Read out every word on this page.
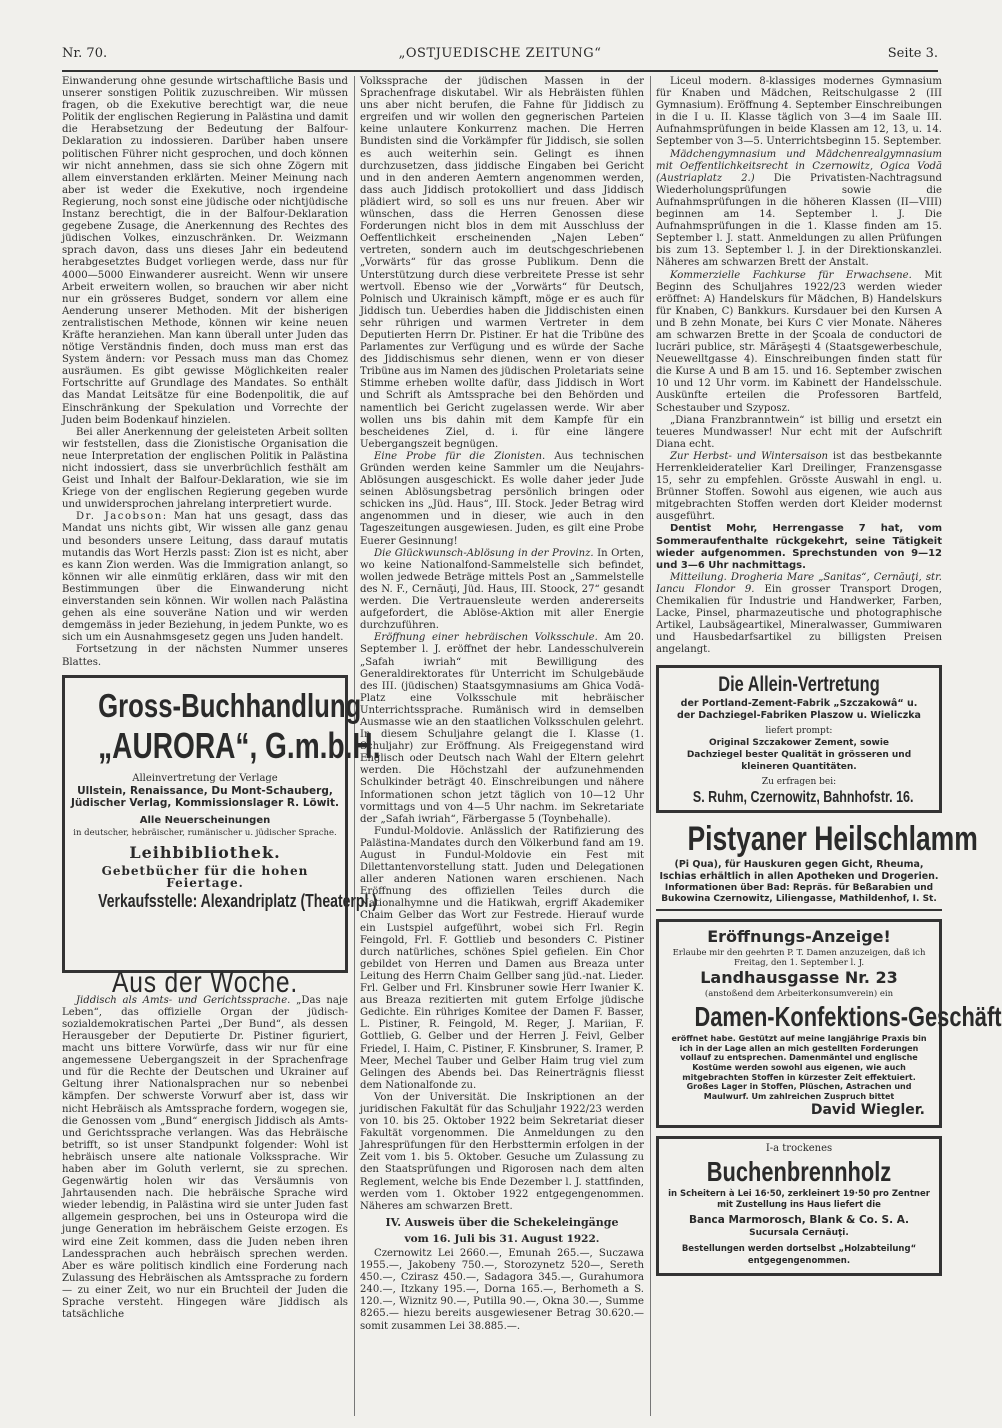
Nr. 70.	„OSTJUEDISCHE ZEITUNG“	Seite 3.

Einwanderung ohne gesunde wirtschaftliche Basis und unserer sonstigen Politik zuzuschreiben. Wir müssen fragen, ob die Exekutive berechtigt war, die neue Politik der englischen Regierung in Palästina und damit die Herabsetzung der Bedeutung der Balfour-Deklaration zu indossieren. Darüber haben unsere politischen Führer nicht gesprochen, und doch können wir nicht annehmen, dass sie sich ohne Zögern mit allem einverstanden erklärten. Meiner Meinung nach aber ist weder die Exekutive, noch irgendeine Regierung, noch sonst eine jüdische oder nichtjüdische Instanz berechtigt, die in der Balfour-Deklaration gegebene Zusage, die Anerkennung des Rechtes des jüdischen Volkes, einzuschränken. Dr. Weizmann sprach davon, dass uns dieses Jahr ein bedeutend herabgesetztes Budget vorliegen werde, dass nur für 4000—5000 Einwanderer ausreicht. Wenn wir unsere Arbeit erweitern wollen, so brauchen wir aber nicht nur ein grösseres Budget, sondern vor allem eine Aenderung unserer Methoden. Mit der bisherigen zentralistischen Methode, können wir keine neuen Kräfte heranziehen. Man kann überall unter Juden das nötige Verständnis finden, doch muss man erst das System ändern: vor Pessach muss man das Chomez ausräumen. Es gibt gewisse Möglichkeiten realer Fortschritte auf Grundlage des Mandates. So enthält das Mandat Leitsätze für eine Bodenpolitik, die auf Einschränkung der Spekulation und Vorrechte der Juden beim Bodenkauf hinzielen.

Bei aller Anerkennung der geleisteten Arbeit sollten wir feststellen, dass die Zionistische Organisation die neue Interpretation der englischen Politik in Palästina nicht indossiert, dass sie unverbrüchlich festhält am Geist und Inhalt der Balfour-Deklaration, wie sie im Kriege von der englischen Regierung gegeben wurde und unwidersprochen jahrelang interpretiert wurde.

Dr. Jacobson: Man hat uns gesagt, dass das Mandat uns nichts gibt, Wir wissen alle ganz genau und besonders unsere Leitung, dass darauf mutatis mutandis das Wort Herzls passt: Zion ist es nicht, aber es kann Zion werden. Was die Immigration anlangt, so können wir alle einmütig erklären, dass wir mit den Bestimmungen über die Einwanderung nicht einverstanden sein können. Wir wollen nach Palästina gehen als eine souveräne Nation und wir werden demgemäss in jeder Beziehung, in jedem Punkte, wo es sich um ein Ausnahmsgesetz gegen uns Juden handelt.

Fortsetzung in der nächsten Nummer unseres Blattes.

Gross-Buchhandlung
„AURORA“, G.m.b.H.
Alleinvertretung der Verlage
Ullstein, Renaissance, Du Mont-Schauberg,
Jüdischer Verlag, Kommissionslager R. Löwit.
Alle Neuerscheinungen
in deutscher, hebräischer, rumänischer u. jüdischer Sprache.
Leihbibliothek.
Gebetbücher für die hohen Feiertage.
Verkaufsstelle: Alexandriplatz (Theaterpl.)
Aus der Woche.

Jiddisch als Amts- und Gerichtssprache. „Das naje Leben“, das offizielle Organ der jüdisch-sozialdemokratischen Partei „Der Bund“, als dessen Herausgeber der Deputierte Dr. Pistiner figuriert, macht uns bittere Vorwürfe, dass wir nur für eine angemessene Uebergangszeit in der Sprachenfrage und für die Rechte der Deutschen und Ukrainer auf Geltung ihrer Nationalsprachen nur so nebenbei kämpfen. Der schwerste Vorwurf aber ist, dass wir nicht Hebräisch als Amtssprache fordern, wogegen sie, die Genossen vom „Bund“ energisch Jiddisch als Amts- und Gerichtssprache verlangen. Was das Hebräische betrifft, so ist unser Standpunkt folgender: Wohl ist hebräisch unsere alte nationale Volkssprache. Wir haben aber im Goluth verlernt, sie zu sprechen. Gegenwärtig holen wir das Versäumnis von Jahrtausenden nach. Die hebräische Sprache wird wieder lebendig, in Palästina wird sie unter Juden fast allgemein gesprochen, bei uns in Osteuropa wird die junge Generation im hebräischem Geiste erzogen. Es wird eine Zeit kommen, dass die Juden neben ihren Landessprachen auch hebräisch sprechen werden. Aber es wäre politisch kindlich eine Forderung nach Zulassung des Hebräischen als Amtssprache zu fordern — zu einer Zeit, wo nur ein Bruchteil der Juden die Sprache versteht. Hingegen wäre Jiddisch als tatsächliche

Volkssprache der jüdischen Massen in der Sprachenfrage diskutabel. Wir als Hebräisten fühlen uns aber nicht berufen, die Fahne für Jiddisch zu ergreifen und wir wollen den gegnerischen Parteien keine unlautere Konkurrenz machen. Die Herren Bundisten sind die Vorkämpfer für Jiddisch, sie sollen es auch weiterhin sein. Gelingt es ihnen durchzusetzen, dass jiddische Eingaben bei Gericht und in den anderen Aemtern angenommen werden, dass auch Jiddisch protokolliert und dass Jiddisch plädiert wird, so soll es uns nur freuen. Aber wir wünschen, dass die Herren Genossen diese Forderungen nicht blos in dem mit Ausschluss der Oeffentlichkeit erscheinenden „Najen Leben“ vertreten, sondern auch im deutschgeschriebenen „Vorwärts“ für das grosse Publikum. Denn die Unterstützung durch diese verbreitete Presse ist sehr wertvoll. Ebenso wie der „Vorwärts“ für Deutsch, Polnisch und Ukrainisch kämpft, möge er es auch für Jiddisch tun. Ueberdies haben die Jiddischisten einen sehr rührigen und warmen Vertreter in dem Deputierten Herrn Dr. Pistiner. Er hat die Tribüne des Parlamentes zur Verfügung und es würde der Sache des Jiddischismus sehr dienen, wenn er von dieser Tribüne aus im Namen des jüdischen Proletariats seine Stimme erheben wollte dafür, dass Jiddisch in Wort und Schrift als Amtssprache bei den Behörden und namentlich bei Gericht zugelassen werde. Wir aber wollen uns bis dahin mit dem Kampfe für ein bescheidenes Ziel, d. i. für eine längere Uebergangszeit begnügen.

Eine Probe für die Zionisten. Aus technischen Gründen werden keine Sammler um die Neujahrs-Ablösungen ausgeschickt. Es wolle daher jeder Jude seinen Ablösungsbetrag persönlich bringen oder schicken ins „Jüd. Haus“, III. Stock. Jeder Betrag wird angenommen und in dieser, wie auch in den Tageszeitungen ausgewiesen. Juden, es gilt eine Probe Euerer Gesinnung!

Die Glückwunsch-Ablösung in der Provinz. In Orten, wo keine Nationalfond-Sammelstelle sich befindet, wollen jedwede Beträge mittels Post an „Sammelstelle des N. F., Cernăuţi, Jüd. Haus, III. Stoock, 27“ gesandt werden. Die Vertrauensleute werden andererseits aufgefordert, die Ablöse-Aktion mit aller Energie durchzuführen.

Eröffnung einer hebräischen Volksschule. Am 20. September l. J. eröffnet der hebr. Landesschulverein „Safah iwriah“ mit Bewilligung des Generaldirektorates für Unterricht im Schulgebäude des III. (jüdischen) Staatsgymnasiums am Ghica Vodă-Platz eine Volksschule mit hebräischer Unterrichtssprache. Rumänisch wird in demselben Ausmasse wie an den staatlichen Volksschulen gelehrt. In diesem Schuljahre gelangt die I. Klasse (1. Schuljahr) zur Eröffnung. Als Freigegenstand wird Englisch oder Deutsch nach Wahl der Eltern gelehrt werden. Die Höchstzahl der aufzunehmenden Schulkinder beträgt 40. Einschreibungen und nähere Informationen schon jetzt täglich von 10—12 Uhr vormittags und von 4—5 Uhr nachm. im Sekretariate der „Safah iwriah“, Färbergasse 5 (Toynbehalle).

Fundul-Moldovie. Anlässlich der Ratifizierung des Palästina-Mandates durch den Völkerbund fand am 19. August in Fundul-Moldovie ein Fest mit Dilettantenvorstellung statt. Juden und Delegationen aller anderen Nationen waren erschienen. Nach Eröffnung des offiziellen Teiles durch die Nationalhymne und die Hatikwah, ergriff Akademiker Chaim Gelber das Wort zur Festrede. Hierauf wurde ein Lustspiel aufgeführt, wobei sich Frl. Regin Feingold, Frl. F. Gottlieb und besonders C. Pistiner durch natürliches, schönes Spiel gefielen. Ein Chor gebildet von Herren und Damen aus Breaza unter Leitung des Herrn Chaim Gellber sang jüd.-nat. Lieder. Frl. Gelber und Frl. Kinsbruner sowie Herr Iwanier K. aus Breaza rezitierten mit gutem Erfolge jüdische Gedichte. Ein rühriges Komitee der Damen F. Basser, L. Pistiner, R. Feingold, M. Reger, J. Mariian, F. Gottlieb, G. Gelber und der Herren J. Feivl, Gelber Friedel, I. Haim, C. Pistiner, F. Kinsbruner, S. Iramer, P. Meer, Mechel Tauber und Gelber Haim trug viel zum Gelingen des Abends bei. Das Reinerträgnis fliesst dem Nationalfonde zu.

Von der Universität. Die Inskriptionen an der juridischen Fakultät für das Schuljahr 1922/23 werden von 10. bis 25. Oktober 1922 beim Sekretariat dieser Fakultät vorgenommen. Die Anmeldungen zu den Jahresprüfungen für den Herbsttermin erfolgen in der Zeit vom 1. bis 5. Oktober. Gesuche um Zulassung zu den Staatsprüfungen und Rigorosen nach dem alten Reglement, welche bis Ende Dezember l. J. stattfinden, werden vom 1. Oktober 1922 entgegengenommen. Näheres am schwarzen Brett.

IV. Ausweis über die Schekeleingänge
vom 16. Juli bis 31. August 1922.

Czernowitz Lei 2660.—, Emunah 265.—, Suczawa 1955.—, Jakobeny 750.—, Storozynetz 520—, Sereth 450.—, Czirasz 450.—, Sadagora 345.—, Gurahumora 240.—, Itzkany 195.—, Dorna 165.—, Berhometh a S. 120.—, Wiznitz 90.—, Putilla 90.—, Okna 30.—, Summe 8265.— hiezu bereits ausgewiesener Betrag 30.620.— somit zusammen Lei 38.885.—.

Liceul modern. 8-klassiges modernes Gymnasium für Knaben und Mädchen, Reitschulgasse 2 (III Gymnasium). Eröffnung 4. September Einschreibungen in die I u. II. Klasse täglich von 3—4 im Saale III. Aufnahmsprüfungen in beide Klassen am 12, 13, u. 14. September von 3—5. Unterrichtsbeginn 15. September.

Mädchengymnasium und Mädchenrealgymnasium mit Oeffentlichkeitsrecht in Czernowitz, Ogica Vodă (Austriaplatz 2.) Die Privatisten-Nachtragsund Wiederholungsprüfungen sowie die Aufnahmsprüfungen in die höheren Klassen (II—VIII) beginnen am 14. September l. J. Die Aufnahmsprüfungen in die 1. Klasse finden am 15. September l. J. statt. Anmeldungen zu allen Prüfungen bis zum 13. September l. J. in der Direktionskanzlei. Näheres am schwarzen Brett der Anstalt.

Kommerzielle Fachkurse für Erwachsene. Mit Beginn des Schuljahres 1922/23 werden wieder eröffnet: A) Handelskurs für Mädchen, B) Handelskurs für Knaben, C) Bankkurs. Kursdauer bei den Kursen A und B zehn Monate, bei Kurs C vier Monate. Näheres am schwarzen Brette in der Şcoala de conductori de lucrări publice, str. Mărăşeşti 4 (Staatsgewerbeschule, Neuewelltgasse 4). Einschreibungen finden statt für die Kurse A und B am 15. und 16. September zwischen 10 und 12 Uhr vorm. im Kabinett der Handelsschule. Auskünfte erteilen die Professoren Bartfeld, Schestauber und Szyposz.

„Diana Franzbranntwein“ ist billig und ersetzt ein teueres Mundwasser! Nur echt mit der Aufschrift Diana echt.

Zur Herbst- und Wintersaison ist das bestbekannte Herrenkleideratelier Karl Dreilinger, Franzensgasse 15, sehr zu empfehlen. Grösste Auswahl in engl. u. Brünner Stoffen. Sowohl aus eigenen, wie auch aus mitgebrachten Stoffen werden dort Kleider modernst ausgeführt.

Dentist Mohr, Herrengasse 7 hat, vom Sommeraufenthalte rückgekehrt, seine Tätigkeit wieder aufgenommen. Sprechstunden von 9—12 und 3—6 Uhr nachmittags.

Mitteilung. Drogheria Mare „Sanitas“, Cernăuţi, str. Iancu Flondor 9. Ein grosser Transport Drogen, Chemikalien für Industrie und Handwerker, Farben, Lacke, Pinsel, pharmazeutische und photographische Artikel, Laubsägeartikel, Mineralwasser, Gummiwaren und Hausbedarfsartikel zu billigsten Preisen angelangt.

Die Allein-Vertretung
der Portland-Zement-Fabrik „Szczakowâ“ u.
der Dachziegel-Fabriken Plaszow u. Wieliczka
liefert prompt:
Original Szczakower Zement, sowie
Dachziegel bester Qualität in grösseren und kleineren Quantitäten.
Zu erfragen bei:
S. Ruhm, Czernowitz, Bahnhofstr. 16.
Pistyaner Heilschlamm
(Pi Qua), für Hauskuren gegen Gicht, Rheuma, Ischias erhältlich in allen Apotheken und Drogerien.
Informationen über Bad: Repräs. für Beßarabien und Bukowina Czernowitz, Liliengasse, Mathildenhof, I. St.
Eröffnungs-Anzeige!
Erlaube mir den geehrten P. T. Damen anzuzeigen, daß ich Freitag, den 1. September l. J.
Landhausgasse Nr. 23
(anstoßend dem Arbeiterkonsumverein) ein
Damen-Konfektions-Geschäft
eröffnet habe. Gestützt auf meine langjährige Praxis bin ich in der Lage allen an mich gestellten Forderungen vollauf zu entsprechen. Damenmäntel und englische Kostüme werden sowohl aus eigenen, wie auch mitgebrachten Stoffen in kürzester Zeit effektuiert. Großes Lager in Stoffen, Plüschen, Astrachen und Maulwurf. Um zahlreichen Zuspruch bittet
David Wiegler.
I-a trockenes
Buchenbrennholz
in Scheitern à Lei 16·50, zerkleinert 19·50 pro Zentner mit Zustellung ins Haus liefert die
Banca Marmorosch, Blank & Co. S. A.
Sucursala Cernăuţi.
Bestellungen werden dortselbst „Holzabteilung“ entgegengenommen.
